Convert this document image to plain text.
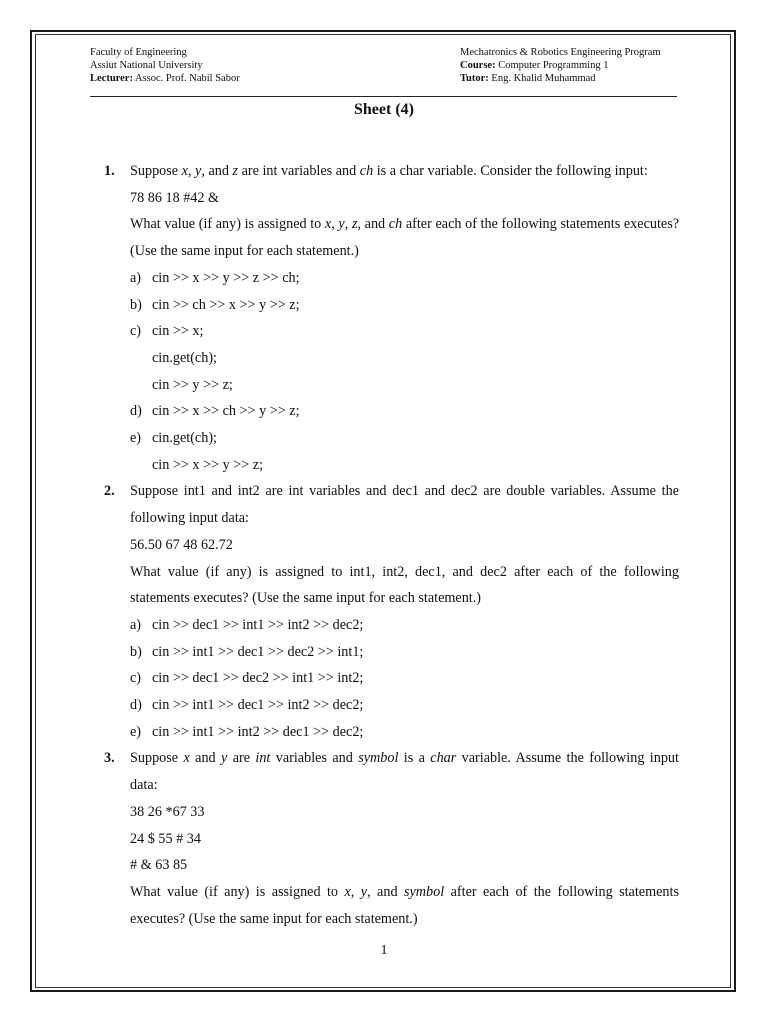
Faculty of Engineering
Assiut National University
Lecturer: Assoc. Prof. Nabil Sabor
Mechatronics & Robotics Engineering Program
Course: Computer Programming 1
Tutor: Eng. Khalid Muhammad
Sheet (4)
1. Suppose x, y, and z are int variables and ch is a char variable. Consider the following input:
78 86 18 #42 &
What value (if any) is assigned to x, y, z, and ch after each of the following statements executes? (Use the same input for each statement.)
a) cin >> x >> y >> z >> ch;
b) cin >> ch >> x >> y >> z;
c) cin >> x;
cin.get(ch);
cin >> y >> z;
d) cin >> x >> ch >> y >> z;
e) cin.get(ch);
cin >> x >> y >> z;
2. Suppose int1 and int2 are int variables and dec1 and dec2 are double variables. Assume the following input data:
56.50 67 48 62.72
What value (if any) is assigned to int1, int2, dec1, and dec2 after each of the following statements executes? (Use the same input for each statement.)
a) cin >> dec1 >> int1 >> int2 >> dec2;
b) cin >> int1 >> dec1 >> dec2 >> int1;
c) cin >> dec1 >> dec2 >> int1 >> int2;
d) cin >> int1 >> dec1 >> int2 >> dec2;
e) cin >> int1 >> int2 >> dec1 >> dec2;
3. Suppose x and y are int variables and symbol is a char variable. Assume the following input data:
38 26 *67 33
24 $ 55 # 34
# & 63 85
What value (if any) is assigned to x, y, and symbol after each of the following statements executes? (Use the same input for each statement.)
1
